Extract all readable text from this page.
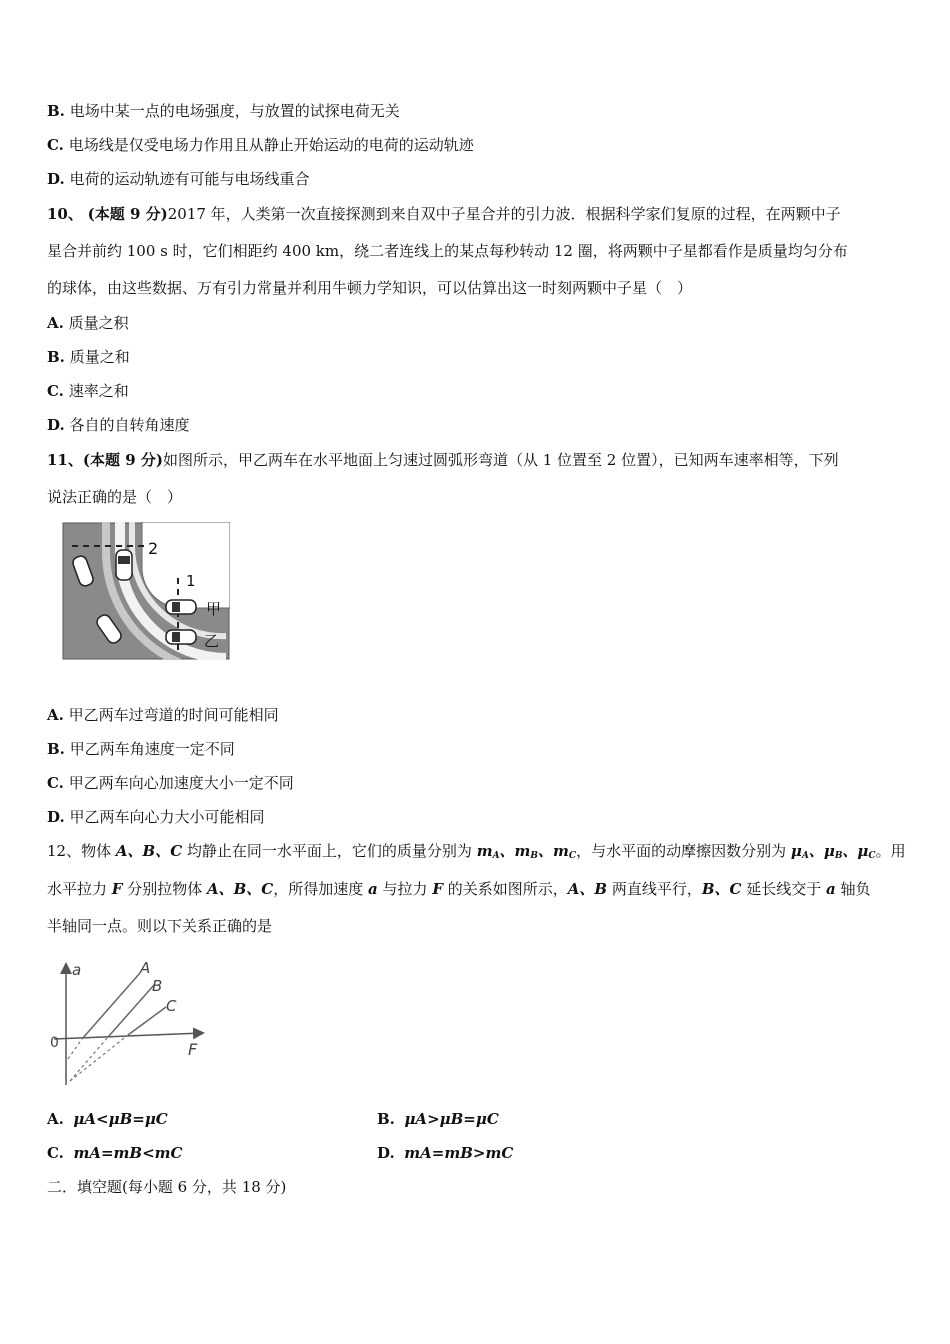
B. 电场中某一点的电场强度，与放置的试探电荷无关
C. 电场线是仅受电场力作用且从静止开始运动的电荷的运动轨迹
D. 电荷的运动轨迹有可能与电场线重合
10、 (本题 9 分)2017 年，人类第一次直接探测到来自双中子星合并的引力波．根据科学家们复原的过程，在两颗中子
星合并前约 100 s 时，它们相距约 400 km，绕二者连线上的某点每秒转动 12 圈，将两颗中子星都看作是质量均匀分布
的球体，由这些数据、万有引力常量并利用牛顿力学知识，可以估算出这一时刻两颗中子星（　）
A. 质量之积
B. 质量之和
C. 速率之和
D. 各自的自转角速度
11、(本题 9 分)如图所示，甲乙两车在水平地面上匀速过圆弧形弯道（从 1 位置至 2 位置），已知两车速率相等，下列
说法正确的是（　）
2
1
甲
乙
A. 甲乙两车过弯道的时间可能相同
B. 甲乙两车角速度一定不同
C. 甲乙两车向心加速度大小一定不同
D. 甲乙两车向心力大小可能相同
12、物体 A、B、C 均静止在同一水平面上，它们的质量分别为 $m_A$、$m_B$、$m_C$，与水平面的动摩擦因数分别为 $\mu_A$、$\mu_B$、$\mu_C$。用
水平拉力 F 分别拉物体 A、B、C，所得加速度 a 与拉力 F 的关系如图所示，A、B 两直线平行，B、C 延长线交于 a 轴负
半轴同一点。则以下关系正确的是
a
F
0
A
B
C
A. μA<μB=μC	B. μA>μB=μC
C. mA=mB<mC	D. mA=mB>mC
二．填空题(每小题 6 分，共 18 分)
